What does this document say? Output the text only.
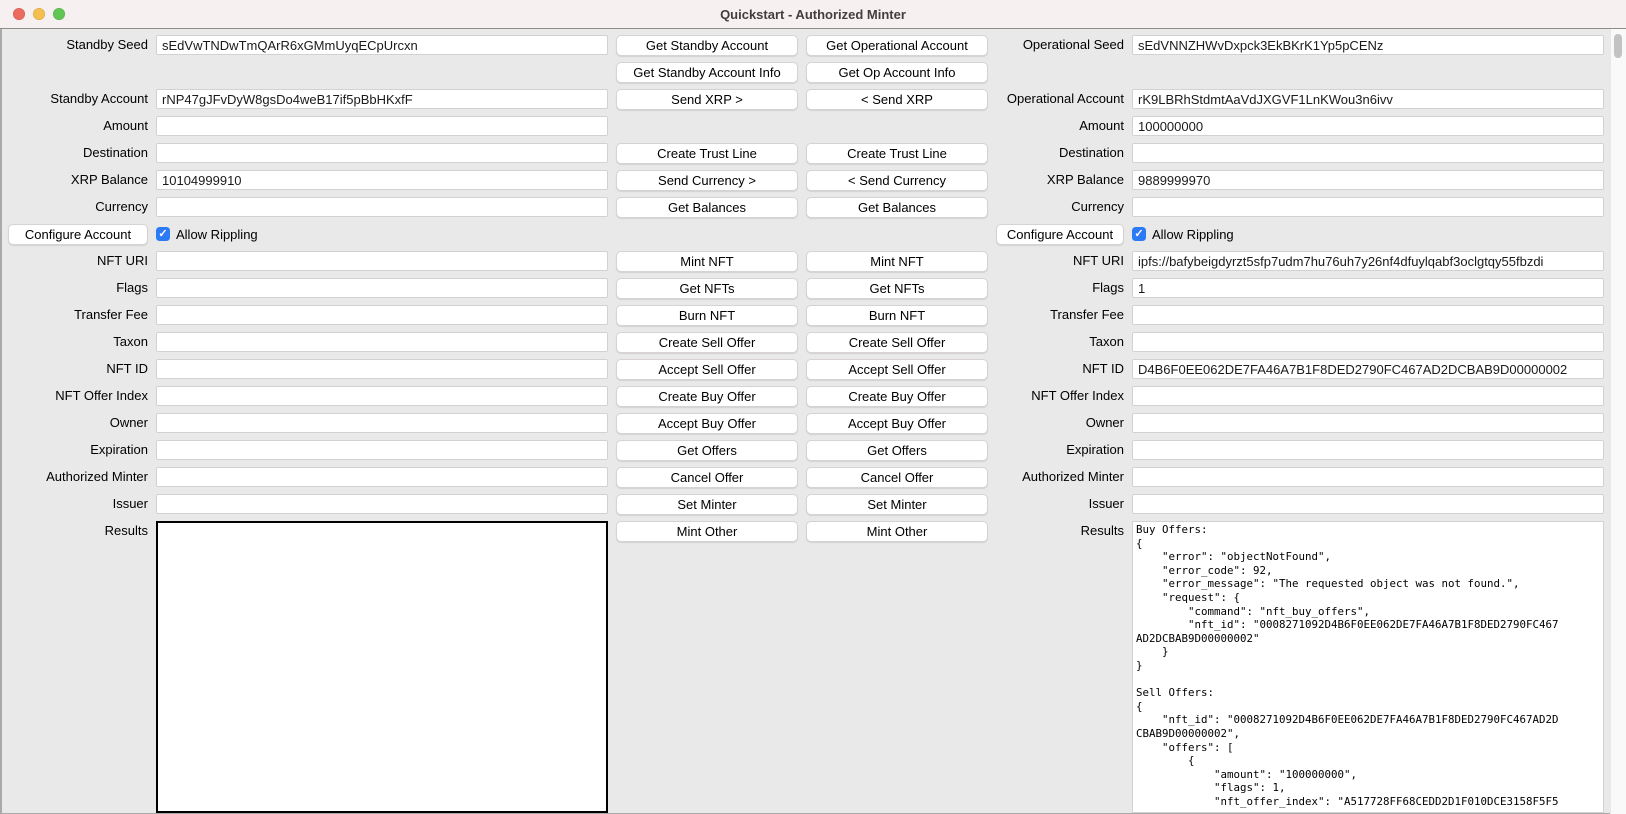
Quickstart - Authorized Minter
Standby Seed
sEdVwTNDwTmQArR6xGMmUyqECpUrcxn
Standby Account
rNP47gJFvDyW8gsDo4weB17if5pBbHKxfF
Amount
Destination
XRP Balance
10104999910
Currency
Configure Account	✓ Allow Rippling
NFT URI
Flags
Transfer Fee
Taxon
NFT ID
NFT Offer Index
Owner
Expiration
Authorized Minter
Issuer
Results
Get Standby Account
Get Standby Account Info
Send XRP >
Create Trust Line
Send Currency >
Get Balances
Mint NFT
Get NFTs
Burn NFT
Create Sell Offer
Accept Sell Offer
Create Buy Offer
Accept Buy Offer
Get Offers
Cancel Offer
Set Minter
Mint Other
Get Operational Account
Get Op Account Info
< Send XRP
Create Trust Line
< Send Currency
Get Balances
Mint NFT
Get NFTs
Burn NFT
Create Sell Offer
Accept Sell Offer
Create Buy Offer
Accept Buy Offer
Get Offers
Cancel Offer
Set Minter
Mint Other
Operational Seed
sEdVNNZHWvDxpck3EkBKrK1Yp5pCENz
Operational Account
rK9LBRhStdmtAaVdJXGVF1LnKWou3n6ivv
Amount
100000000
Destination
XRP Balance
9889999970
Currency
Configure Account	✓ Allow Rippling
NFT URI
ipfs://bafybeigdyrzt5sfp7udm7hu76uh7y26nf4dfuylqabf3oclgtqy55fbzdi
Flags
1
Transfer Fee
Taxon
NFT ID
D4B6F0EE062DE7FA46A7B1F8DED2790FC467AD2DCBAB9D00000002
NFT Offer Index
Owner
Expiration
Authorized Minter
Issuer
Results
Buy Offers: { "error": "objectNotFound", "error_code": 92, "error_message": "The requested object was not found.", "request": { "command": "nft_buy_offers", "nft_id": "0008271092D4B6F0EE062DE7FA46A7B1F8DED2790FC467 AD2DCBAB9D00000002" } } Sell Offers: { "nft_id": "0008271092D4B6F0EE062DE7FA46A7B1F8DED2790FC467AD2D CBAB9D00000002", "offers": [ { "amount": "100000000", "flags": 1, "nft_offer_index": "A517728FF68CEDD2D1F010DCE3158F5F5
